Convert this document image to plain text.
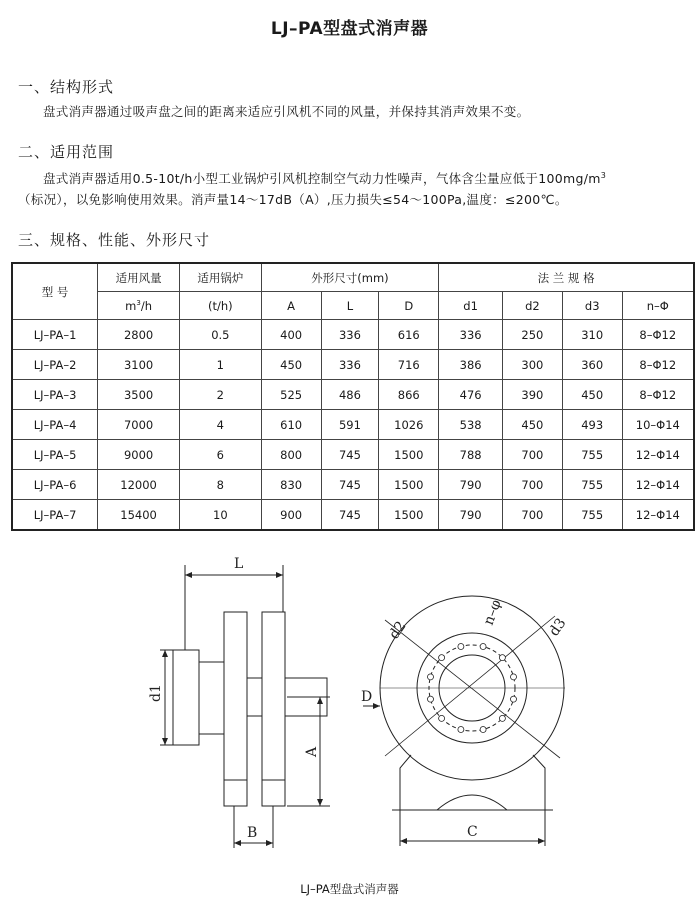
LJ–PA型盘式消声器
一、结构形式
盘式消声器通过吸声盘之间的距离来适应引风机不同的风量，并保持其消声效果不变。
二、适用范围
盘式消声器适用0.5-10t/h小型工业锅炉引风机控制空气动力性噪声，气体含尘量应低于$100mg/m^3$
（标况），以免影响使用效果。消声量14～17dB（A）,压力损失≤54～100Pa,温度：≤200℃。
三、规格、性能、外形尺寸
型 号	适用风量	适用锅炉	外形尺寸(mm)			法 兰 规 格			
	$m^3/h$	(t/h)	A	L	D	d1	d2	d3	n–Φ
LJ–PA–1	2800	0.5	400	336	616	336	250	310	8–Φ12
LJ–PA–2	3100	1	450	336	716	386	300	360	8–Φ12
LJ–PA–3	3500	2	525	486	866	476	390	450	8–Φ12
LJ–PA–4	7000	4	610	591	1026	538	450	493	10–Φ14
LJ–PA–5	9000	6	800	745	1500	788	700	755	12–Φ14
LJ–PA–6	12000	8	830	745	1500	790	700	755	12–Φ14
LJ–PA–7	15400	10	900	745	1500	790	700	755	12–Φ14
L
d1
A
B
d2
n–φ
d3
D
C
LJ–PA型盘式消声器
